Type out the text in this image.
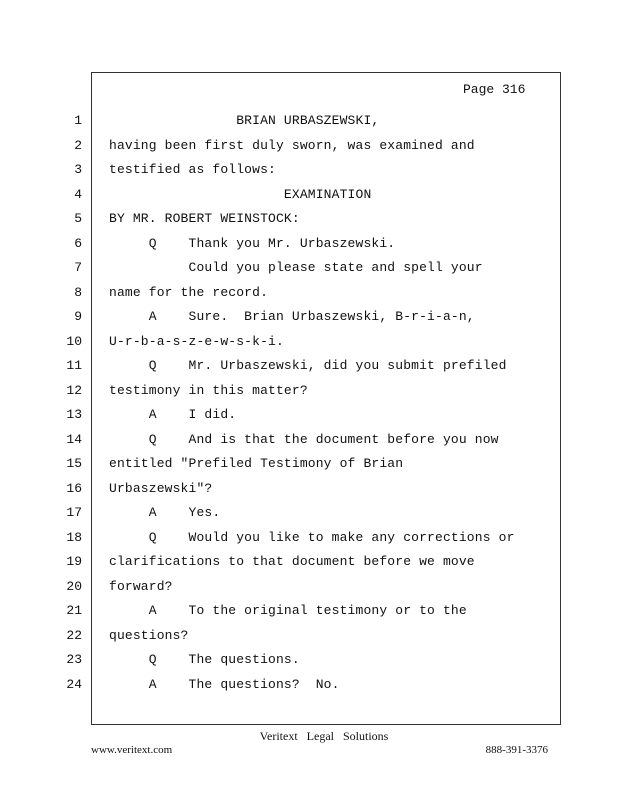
Page 316
1 BRIAN URBASZEWSKI,
2 having been first duly sworn, was examined and
3 testified as follows:
4 EXAMINATION
5 BY MR. ROBERT WEINSTOCK:
6 Q    Thank you Mr. Urbaszewski.
7 Could you please state and spell your
8 name for the record.
9 A    Sure.  Brian Urbaszewski, B-r-i-a-n,
10 U-r-b-a-s-z-e-w-s-k-i.
11 Q    Mr. Urbaszewski, did you submit prefiled
12 testimony in this matter?
13 A    I did.
14 Q    And is that the document before you now
15 entitled "Prefiled Testimony of Brian
16 Urbaszewski"?
17 A    Yes.
18 Q    Would you like to make any corrections or
19 clarifications to that document before we move
20 forward?
21 A    To the original testimony or to the
22 questions?
23 Q    The questions.
24 A    The questions?  No.
Veritext Legal Solutions
www.veritext.com	888-391-3376
